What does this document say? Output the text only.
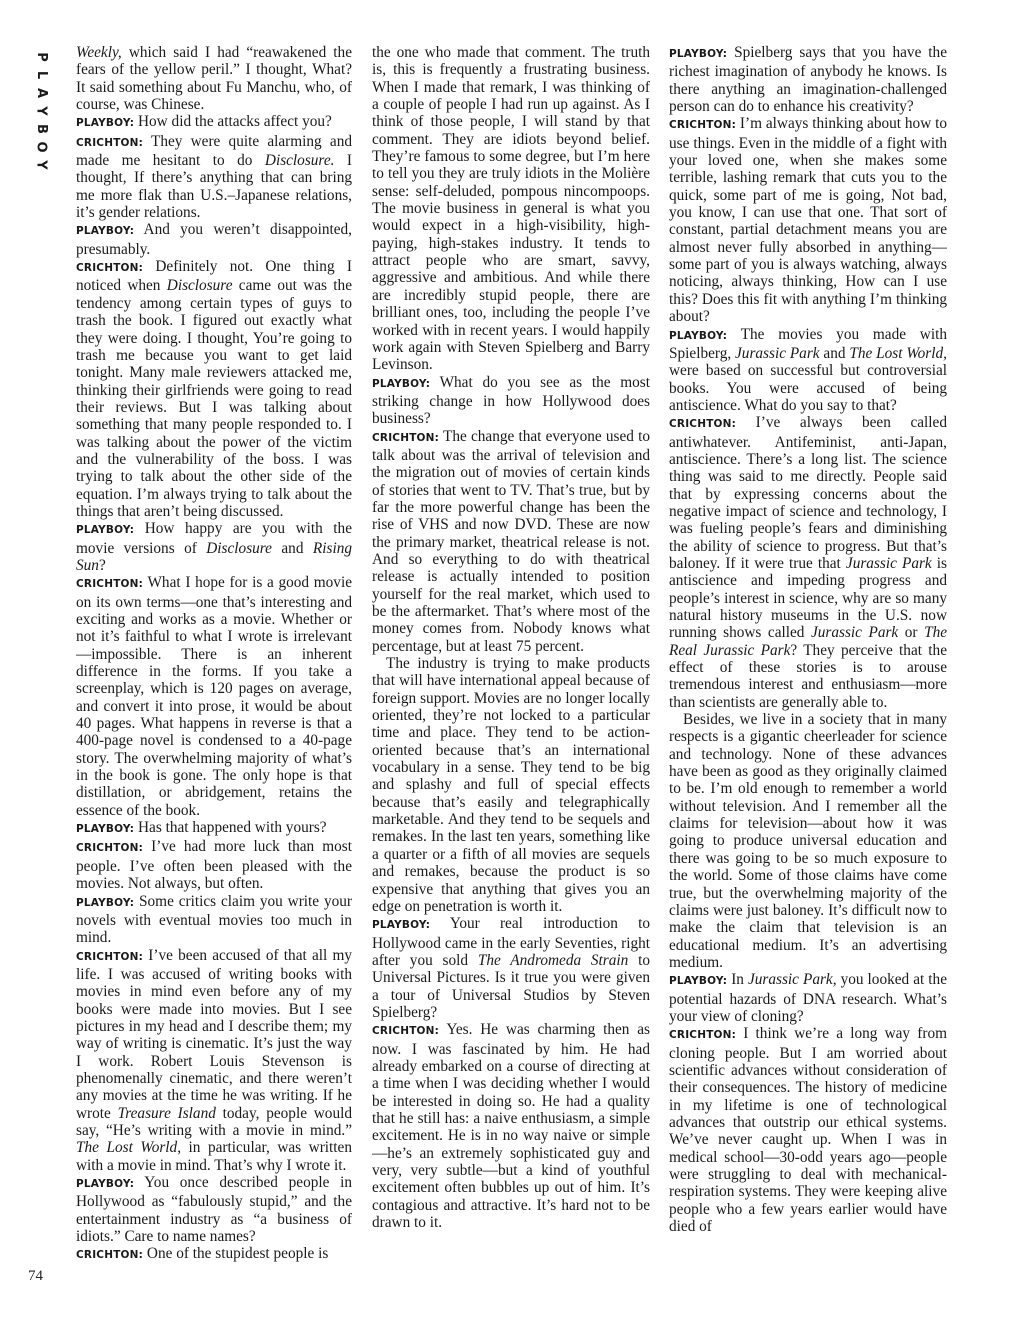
P
L
A
Y
B
O
Y
74

Weekly, which said I had “reawakened the fears of the yellow peril.” I thought, What? It said something about Fu Manchu, who, of course, was Chinese.

PLAYBOY: How did the attacks affect you?

CRICHTON: They were quite alarming and made me hesitant to do Disclosure. I thought, If there’s anything that can bring me more flak than U.S.–Japanese relations, it’s gender relations.

PLAYBOY: And you weren’t disappointed, presumably.

CRICHTON: Definitely not. One thing I noticed when Disclosure came out was the tendency among certain types of guys to trash the book. I figured out exactly what they were doing. I thought, You’re going to trash me because you want to get laid tonight. Many male reviewers attacked me, thinking their girlfriends were going to read their reviews. But I was talking about something that many people responded to. I was talking about the power of the victim and the vulnerability of the boss. I was trying to talk about the other side of the equation. I’m always trying to talk about the things that aren’t being discussed.

PLAYBOY: How happy are you with the movie versions of Disclosure and Rising Sun?

CRICHTON: What I hope for is a good movie on its own terms—one that’s interesting and exciting and works as a movie. Whether or not it’s faithful to what I wrote is irrelevant—impossible. There is an inherent difference in the forms. If you take a screenplay, which is 120 pages on average, and convert it into prose, it would be about 40 pages. What happens in reverse is that a 400-page novel is condensed to a 40-page story. The overwhelming majority of what’s in the book is gone. The only hope is that distillation, or abridgement, retains the essence of the book.

PLAYBOY: Has that happened with yours?

CRICHTON: I’ve had more luck than most people. I’ve often been pleased with the movies. Not always, but often.

PLAYBOY: Some critics claim you write your novels with eventual movies too much in mind.

CRICHTON: I’ve been accused of that all my life. I was accused of writing books with movies in mind even before any of my books were made into movies. But I see pictures in my head and I describe them; my way of writing is cinematic. It’s just the way I work. Robert Louis Stevenson is phenomenally cinematic, and there weren’t any movies at the time he was writing. If he wrote Treasure Island today, people would say, “He’s writing with a movie in mind.” The Lost World, in particular, was written with a movie in mind. That’s why I wrote it.

PLAYBOY: You once described people in Hollywood as “fabulously stupid,” and the entertainment industry as “a business of idiots.” Care to name names?

CRICHTON: One of the stupidest people is

the one who made that comment. The truth is, this is frequently a frustrating business. When I made that remark, I was thinking of a couple of people I had run up against. As I think of those people, I will stand by that comment. They are idiots beyond belief. They’re famous to some degree, but I’m here to tell you they are truly idiots in the Molière sense: self-deluded, pompous nincompoops. The movie business in general is what you would expect in a high-visibility, high-paying, high-stakes industry. It tends to attract people who are smart, savvy, aggressive and ambitious. And while there are incredibly stupid people, there are brilliant ones, too, including the people I’ve worked with in recent years. I would happily work again with Steven Spielberg and Barry Levinson.

PLAYBOY: What do you see as the most striking change in how Hollywood does business?

CRICHTON: The change that everyone used to talk about was the arrival of television and the migration out of movies of certain kinds of stories that went to TV. That’s true, but by far the more powerful change has been the rise of VHS and now DVD. These are now the primary market, theatrical release is not. And so everything to do with theatrical release is actually intended to position yourself for the real market, which used to be the aftermarket. That’s where most of the money comes from. Nobody knows what percentage, but at least 75 percent.

The industry is trying to make products that will have international appeal because of foreign support. Movies are no longer locally oriented, they’re not locked to a particular time and place. They tend to be action-oriented because that’s an international vocabulary in a sense. They tend to be big and splashy and full of special effects because that’s easily and telegraphically marketable. And they tend to be sequels and remakes. In the last ten years, something like a quarter or a fifth of all movies are sequels and remakes, because the product is so expensive that anything that gives you an edge on penetration is worth it.

PLAYBOY: Your real introduction to Hollywood came in the early Seventies, right after you sold The Andromeda Strain to Universal Pictures. Is it true you were given a tour of Universal Studios by Steven Spielberg?

CRICHTON: Yes. He was charming then as now. I was fascinated by him. He had already embarked on a course of directing at a time when I was deciding whether I would be interested in doing so. He had a quality that he still has: a naive enthusiasm, a simple excitement. He is in no way naive or simple—he’s an extremely sophisticated guy and very, very subtle—but a kind of youthful excitement often bubbles up out of him. It’s contagious and attractive. It’s hard not to be drawn to it.

PLAYBOY: Spielberg says that you have the richest imagination of anybody he knows. Is there anything an imagination-challenged person can do to enhance his creativity?

CRICHTON: I’m always thinking about how to use things. Even in the middle of a fight with your loved one, when she makes some terrible, lashing remark that cuts you to the quick, some part of me is going, Not bad, you know, I can use that one. That sort of constant, partial detachment means you are almost never fully absorbed in anything—some part of you is always watching, always noticing, always thinking, How can I use this? Does this fit with anything I’m thinking about?

PLAYBOY: The movies you made with Spielberg, Jurassic Park and The Lost World, were based on successful but controversial books. You were accused of being antiscience. What do you say to that?

CRICHTON: I’ve always been called antiwhatever. Antifeminist, anti-Japan, antiscience. There’s a long list. The science thing was said to me directly. People said that by expressing concerns about the negative impact of science and technology, I was fueling people’s fears and diminishing the ability of science to progress. But that’s baloney. If it were true that Jurassic Park is antiscience and impeding progress and people’s interest in science, why are so many natural history museums in the U.S. now running shows called Jurassic Park or The Real Jurassic Park? They perceive that the effect of these stories is to arouse tremendous interest and enthusiasm—more than scientists are generally able to.

Besides, we live in a society that in many respects is a gigantic cheerleader for science and technology. None of these advances have been as good as they originally claimed to be. I’m old enough to remember a world without television. And I remember all the claims for television—about how it was going to produce universal education and there was going to be so much exposure to the world. Some of those claims have come true, but the overwhelming majority of the claims were just baloney. It’s difficult now to make the claim that television is an educational medium. It’s an advertising medium.

PLAYBOY: In Jurassic Park, you looked at the potential hazards of DNA research. What’s your view of cloning?

CRICHTON: I think we’re a long way from cloning people. But I am worried about scientific advances without consideration of their consequences. The history of medicine in my lifetime is one of technological advances that outstrip our ethical systems. We’ve never caught up. When I was in medical school—30-odd years ago—people were struggling to deal with mechanical-respiration systems. They were keeping alive people who a few years earlier would have died of
